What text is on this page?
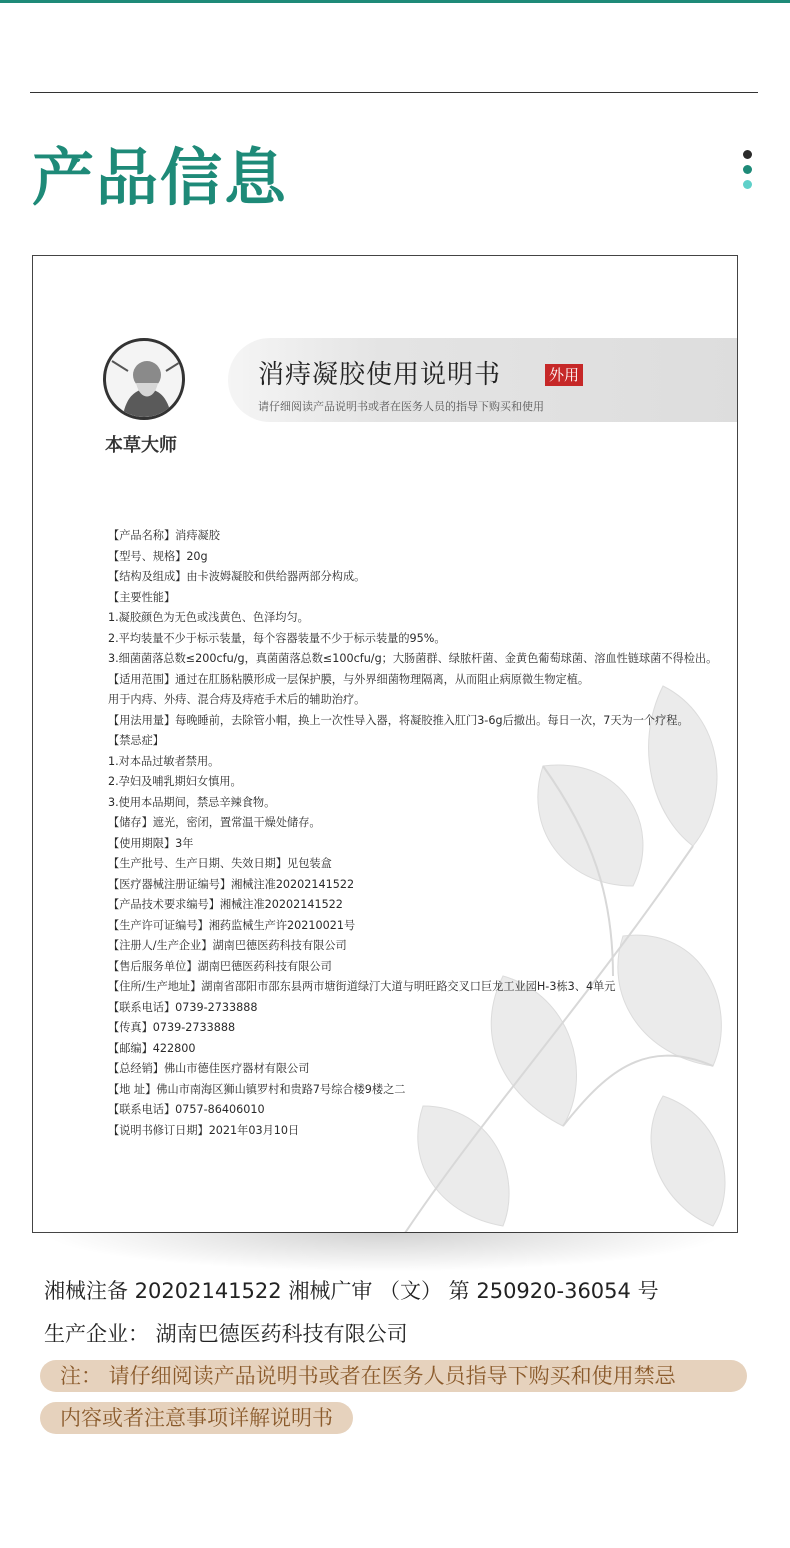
产品信息
本草大师
消痔凝胶使用说明书	外用
请仔细阅读产品说明书或者在医务人员的指导下购买和使用
【产品名称】消痔凝胶
【型号、规格】20g
【结构及组成】由卡波姆凝胶和供给器两部分构成。
【主要性能】
1.凝胶颜色为无色或浅黄色、色泽均匀。
2.平均装量不少于标示装量，每个容器装量不少于标示装量的95%。
3.细菌菌落总数≤200cfu/g，真菌菌落总数≤100cfu/g；大肠菌群、绿脓杆菌、金黄色葡萄球菌、溶血性链球菌不得检出。
【适用范围】通过在肛肠粘膜形成一层保护膜，与外界细菌物理隔离，从而阻止病原微生物定植。
用于内痔、外痔、混合痔及痔疮手术后的辅助治疗。
【用法用量】每晚睡前，去除管小帽，换上一次性导入器，将凝胶推入肛门3-6g后撤出。每日一次，7天为一个疗程。
【禁忌症】
1.对本品过敏者禁用。
2.孕妇及哺乳期妇女慎用。
3.使用本品期间，禁忌辛辣食物。
【储存】遮光，密闭，置常温干燥处储存。
【使用期限】3年
【生产批号、生产日期、失效日期】见包装盒
【医疗器械注册证编号】湘械注准20202141522
【产品技术要求编号】湘械注准20202141522
【生产许可证编号】湘药监械生产许20210021号
【注册人/生产企业】湖南巴德医药科技有限公司
【售后服务单位】湖南巴德医药科技有限公司
【住所/生产地址】湖南省邵阳市邵东县两市塘街道绿汀大道与明旺路交叉口巨龙工业园H-3栋3、4单元
【联系电话】0739-2733888
【传真】0739-2733888
【邮编】422800
【总经销】佛山市德佳医疗器材有限公司
【地 址】佛山市南海区狮山镇罗村和贵路7号综合楼9楼之二
【联系电话】0757-86406010
【说明书修订日期】2021年03月10日
湘械注备 20202141522 湘械广审 （文） 第 250920-36054 号
生产企业： 湖南巴德医药科技有限公司
注： 请仔细阅读产品说明书或者在医务人员指导下购买和使用禁忌
内容或者注意事项详解说明书
